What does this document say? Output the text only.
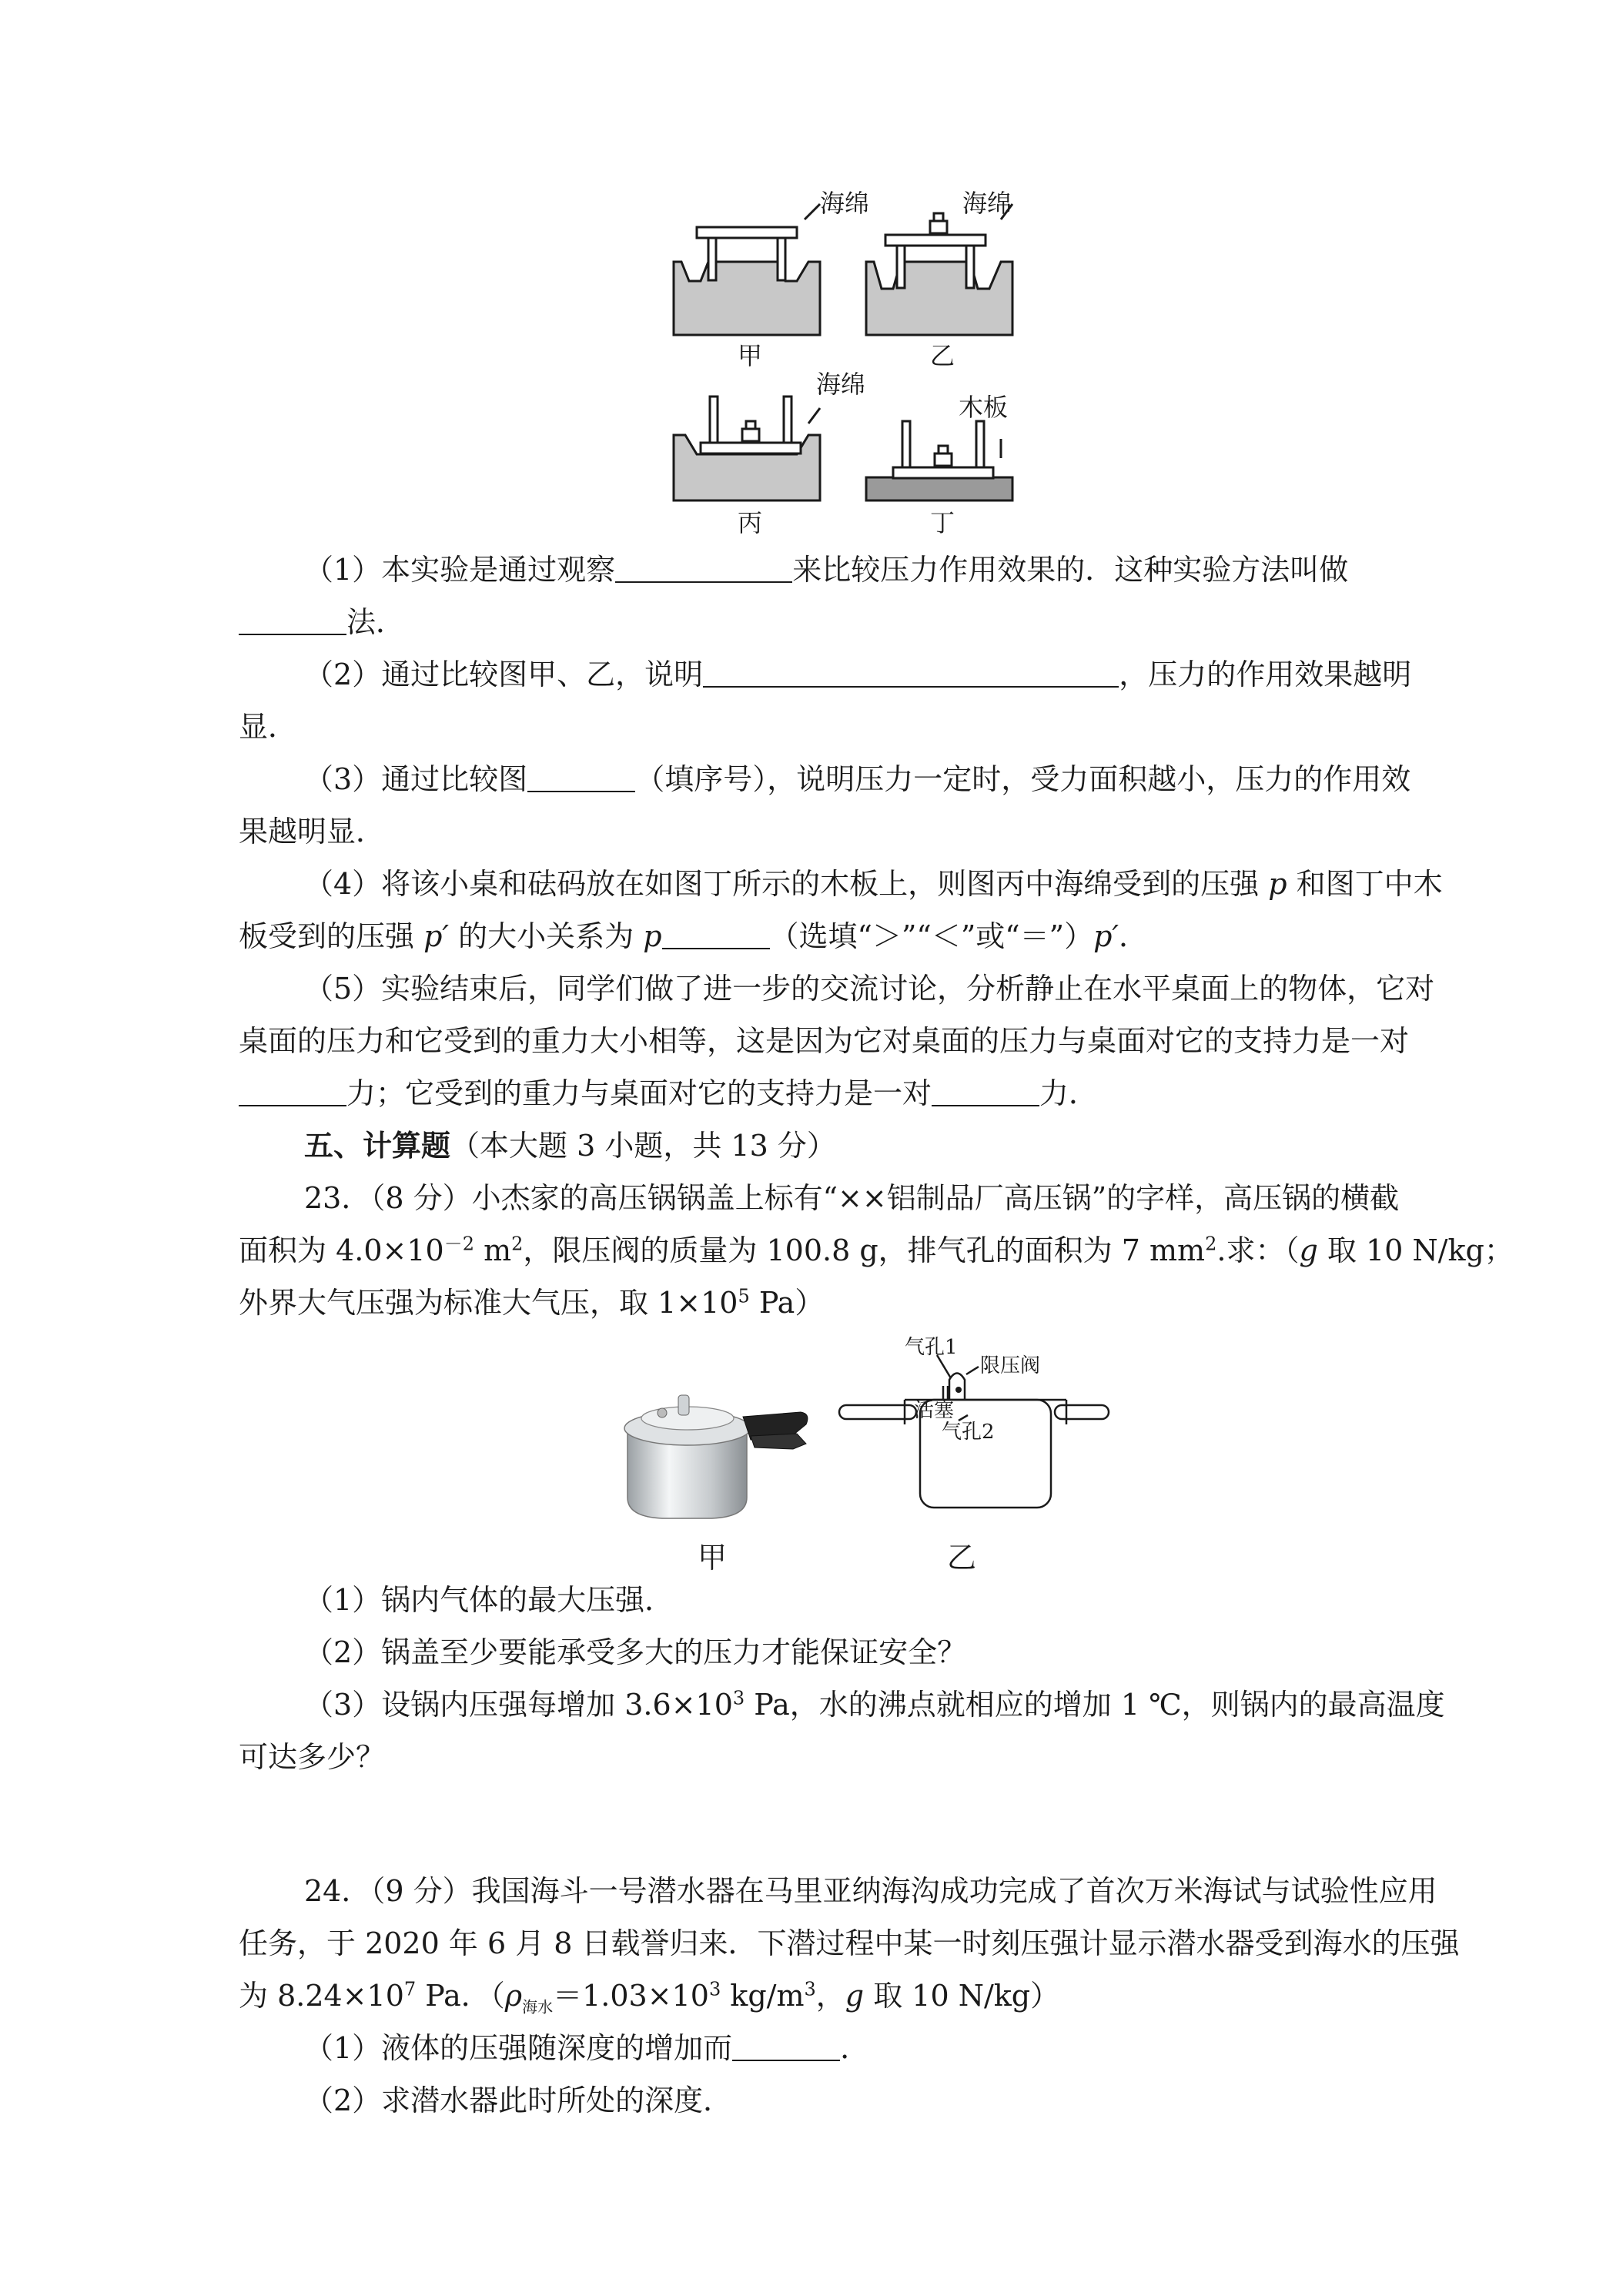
海绵	海绵
海绵
木板
甲	乙
丙	丁
（1）本实验是通过观察	来比较压力作用效果的．这种实验方法叫做
法．
（2）通过比较图甲、乙，说明	，压力的作用效果越明
显．
（3）通过比较图	（填序号），说明压力一定时，受力面积越小，压力的作用效
果越明显．
（4）将该小桌和砝码放在如图丁所示的木板上，则图丙中海绵受到的压强 p 和图丁中木
板受到的压强 p′ 的大小关系为 p	（选填“＞”“＜”或“＝”）p′．
（5）实验结束后，同学们做了进一步的交流讨论，分析静止在水平桌面上的物体，它对
桌面的压力和它受到的重力大小相等，这是因为它对桌面的压力与桌面对它的支持力是一对
力；它受到的重力与桌面对它的支持力是一对	力．
五、计算题（本大题 3 小题，共 13 分）
23．（8 分）小杰家的高压锅锅盖上标有“××铝制品厂高压锅”的字样，高压锅的横截
面积为 $4.0\times 10^{-2}$ $m^2$，限压阀的质量为 100.8 g，排气孔的面积为 7 $mm^2$.求：（g 取 10 N/kg；
外界大气压强为标准大气压，取 $1\times 10^5$ Pa）
气孔1
限压阀
活塞
气孔2
甲	乙
（1）锅内气体的最大压强．
（2）锅盖至少要能承受多大的压力才能保证安全？
（3）设锅内压强每增加 $3.6\times 10^3$ Pa，水的沸点就相应的增加 1 ℃，则锅内的最高温度
可达多少？
24．（9 分）我国海斗一号潜水器在马里亚纳海沟成功完成了首次万米海试与试验性应用
任务，于 2020 年 6 月 8 日载誉归来．下潜过程中某一时刻压强计显示潜水器受到海水的压强
为 $8.24\times 10^7$ Pa．（$\rho_{海水}=1.03\times 10^3$ $kg/m^3$，g 取 10 N/kg）
（1）液体的压强随深度的增加而	．
（2）求潜水器此时所处的深度．
